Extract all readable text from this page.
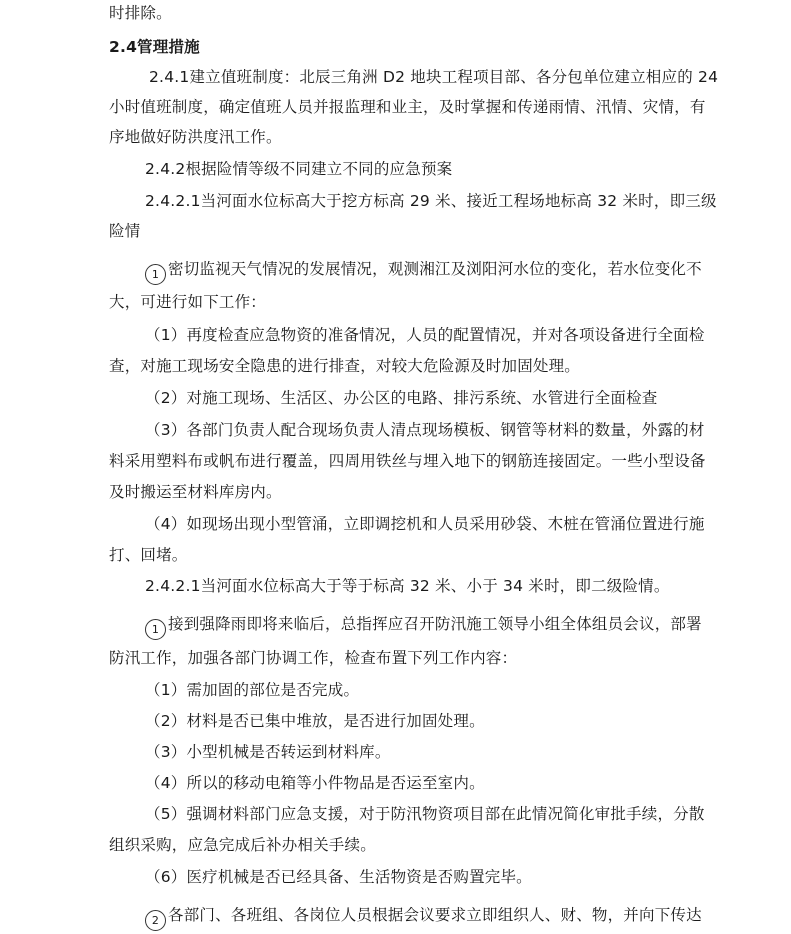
时排除。
2.4管理措施
2.4.1建立值班制度：北辰三角洲 D2 地块工程项目部、各分包单位建立相应的 24
小时值班制度，确定值班人员并报监理和业主，及时掌握和传递雨情、汛情、灾情，有
序地做好防洪度汛工作。
2.4.2根据险情等级不同建立不同的应急预案
2.4.2.1当河面水位标高大于挖方标高 29 米、接近工程场地标高 32 米时，即三级
险情
1 密切监视天气情况的发展情况，观测湘江及浏阳河水位的变化，若水位变化不
大，可进行如下工作：
（1）再度检查应急物资的准备情况，人员的配置情况，并对各项设备进行全面检
查，对施工现场安全隐患的进行排查，对较大危险源及时加固处理。
（2）对施工现场、生活区、办公区的电路、排污系统、水管进行全面检查
（3）各部门负责人配合现场负责人清点现场模板、钢管等材料的数量，外露的材
料采用塑料布或帆布进行覆盖，四周用铁丝与埋入地下的钢筋连接固定。一些小型设备
及时搬运至材料库房内。
（4）如现场出现小型管涌，立即调挖机和人员采用砂袋、木桩在管涌位置进行施
打、回堵。
2.4.2.1当河面水位标高大于等于标高 32 米、小于 34 米时，即二级险情。
1 接到强降雨即将来临后，总指挥应召开防汛施工领导小组全体组员会议，部署
防汛工作，加强各部门协调工作，检查布置下列工作内容：
（1）需加固的部位是否完成。
（2）材料是否已集中堆放，是否进行加固处理。
（3）小型机械是否转运到材料库。
（4）所以的移动电箱等小件物品是否运至室内。
（5）强调材料部门应急支援，对于防汛物资项目部在此情况简化审批手续，分散
组织采购，应急完成后补办相关手续。
（6）医疗机械是否已经具备、生活物资是否购置完毕。
2 各部门、各班组、各岗位人员根据会议要求立即组织人、财、物，并向下传达
